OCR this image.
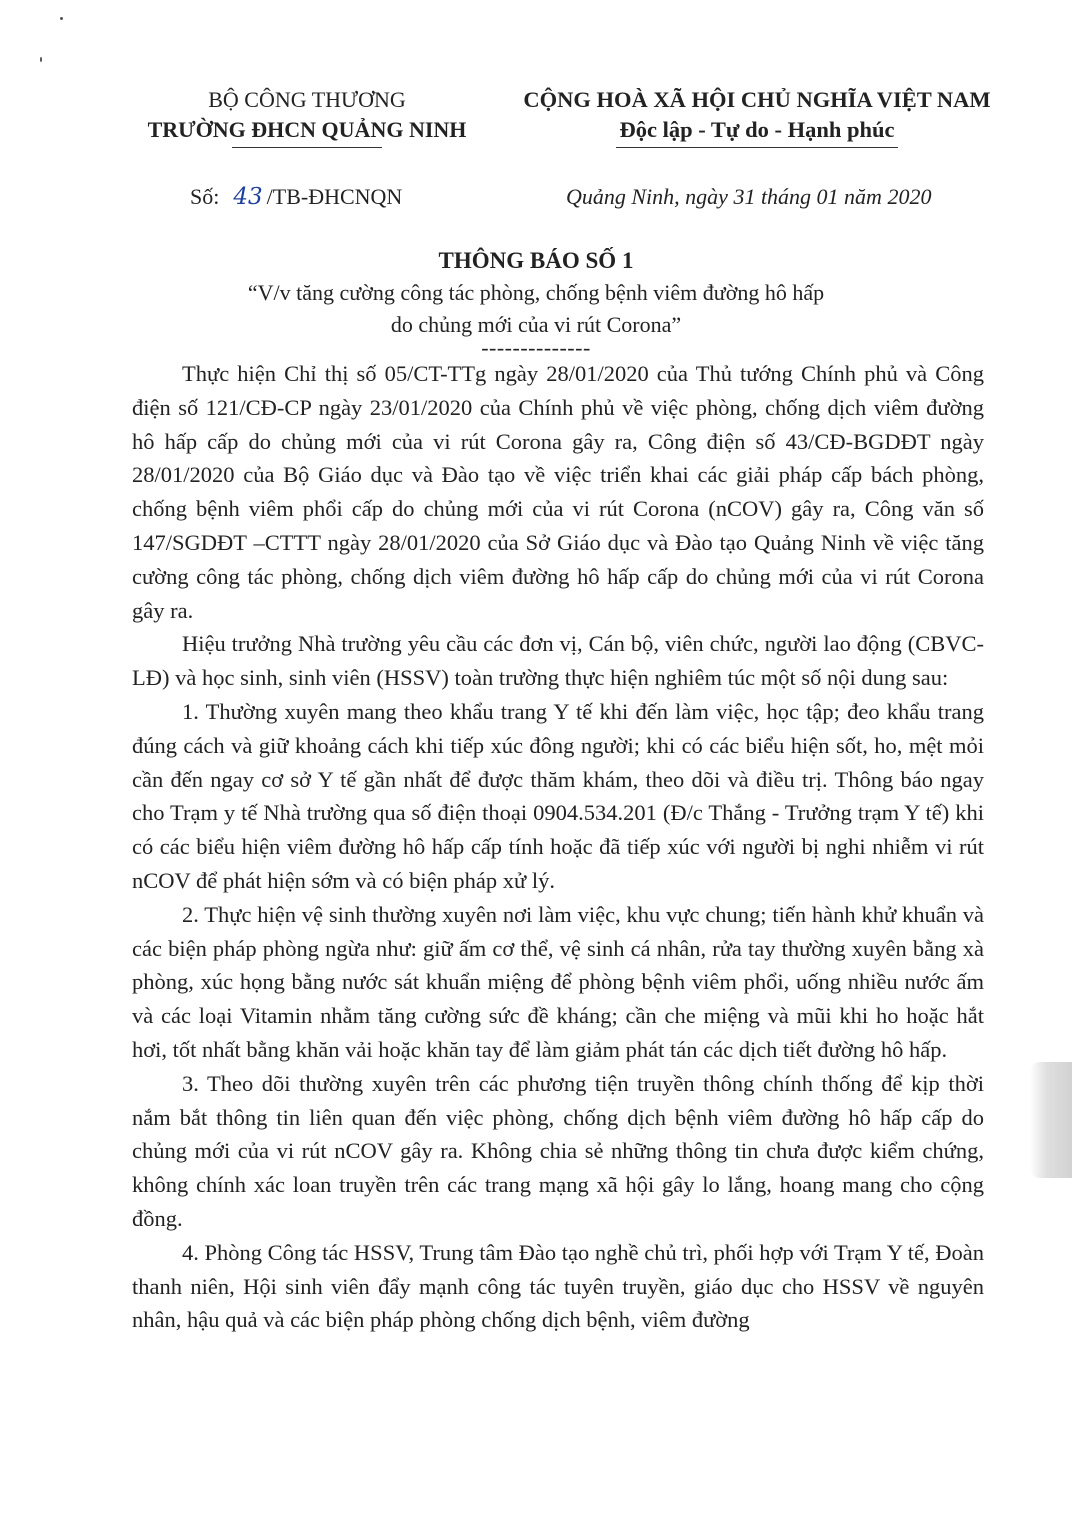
BỘ CÔNG THƯƠNG
TRƯỜNG ĐHCN QUẢNG NINH
CỘNG HOÀ XÃ HỘI CHỦ NGHĨA VIỆT NAM
Độc lập - Tự do - Hạnh phúc
Số: 43 /TB-ĐHCNQN	Quảng Ninh, ngày 31 tháng 01 năm 2020
THÔNG BÁO SỐ 1
“V/v tăng cường công tác phòng, chống bệnh viêm đường hô hấp
do chủng mới của vi rút Corona”
--------------

Thực hiện Chỉ thị số 05/CT-TTg ngày 28/01/2020 của Thủ tướng Chính phủ và Công điện số 121/CĐ-CP ngày 23/01/2020 của Chính phủ về việc phòng, chống dịch viêm đường hô hấp cấp do chủng mới của vi rút Corona gây ra, Công điện số 43/CĐ-BGDĐT ngày 28/01/2020 của Bộ Giáo dục và Đào tạo về việc triển khai các giải pháp cấp bách phòng, chống bệnh viêm phổi cấp do chủng mới của vi rút Corona (nCOV) gây ra, Công văn số 147/SGDĐT –CTTT ngày 28/01/2020 của Sở Giáo dục và Đào tạo Quảng Ninh về việc tăng cường công tác phòng, chống dịch viêm đường hô hấp cấp do chủng mới của vi rút Corona gây ra.

Hiệu trưởng Nhà trường yêu cầu các đơn vị, Cán bộ, viên chức, người lao động (CBVC-LĐ) và học sinh, sinh viên (HSSV) toàn trường thực hiện nghiêm túc một số nội dung sau:

1. Thường xuyên mang theo khẩu trang Y tế khi đến làm việc, học tập; đeo khẩu trang đúng cách và giữ khoảng cách khi tiếp xúc đông người; khi có các biểu hiện sốt, ho, mệt mỏi cần đến ngay cơ sở Y tế gần nhất để được thăm khám, theo dõi và điều trị. Thông báo ngay cho Trạm y tế Nhà trường qua số điện thoại 0904.534.201 (Đ/c Thắng - Trưởng trạm Y tế) khi có các biểu hiện viêm đường hô hấp cấp tính hoặc đã tiếp xúc với người bị nghi nhiễm vi rút nCOV để phát hiện sớm và có biện pháp xử lý.

2. Thực hiện vệ sinh thường xuyên nơi làm việc, khu vực chung; tiến hành khử khuẩn và các biện pháp phòng ngừa như: giữ ấm cơ thể, vệ sinh cá nhân, rửa tay thường xuyên bằng xà phòng, xúc họng bằng nước sát khuẩn miệng để phòng bệnh viêm phổi, uống nhiều nước ấm và các loại Vitamin nhằm tăng cường sức đề kháng; cần che miệng và mũi khi ho hoặc hắt hơi, tốt nhất bằng khăn vải hoặc khăn tay để làm giảm phát tán các dịch tiết đường hô hấp.

3. Theo dõi thường xuyên trên các phương tiện truyền thông chính thống để kịp thời nắm bắt thông tin liên quan đến việc phòng, chống dịch bệnh viêm đường hô hấp cấp do chủng mới của vi rút nCOV gây ra. Không chia sẻ những thông tin chưa được kiểm chứng, không chính xác loan truyền trên các trang mạng xã hội gây lo lắng, hoang mang cho cộng đồng.

4. Phòng Công tác HSSV, Trung tâm Đào tạo nghề chủ trì, phối hợp với Trạm Y tế, Đoàn thanh niên, Hội sinh viên đẩy mạnh công tác tuyên truyền, giáo dục cho HSSV về nguyên nhân, hậu quả và các biện pháp phòng chống dịch bệnh, viêm đường
